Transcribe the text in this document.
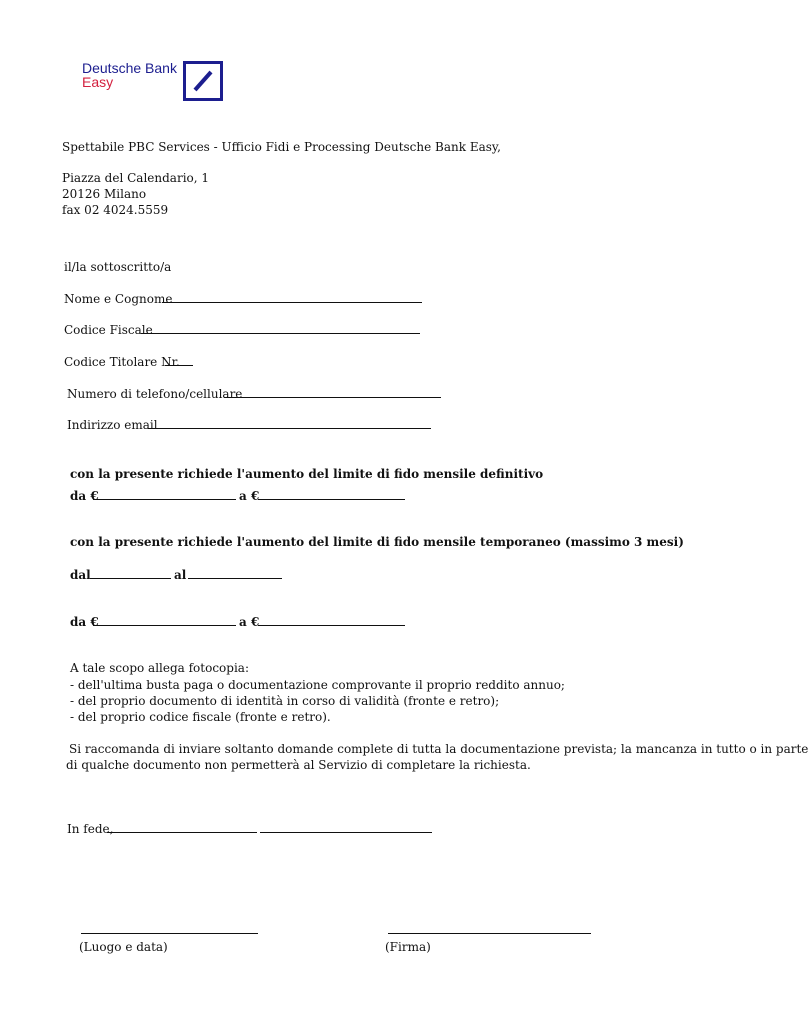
Deutsche Bank
Easy
Spettabile PBC Services - Ufficio Fidi e Processing Deutsche Bank Easy,
Piazza del Calendario, 1
20126 Milano
fax 02 4024.5559
il/la sottoscritto/a
Nome e Cognome
Codice Fiscale
Codice Titolare Nr.
Numero di telefono/cellulare
Indirizzo email
con la presente richiede l'aumento del limite di fido mensile definitivo
da €	a €
con la presente richiede l'aumento del limite di fido mensile temporaneo (massimo 3 mesi)
dal	al
da €	a €
A tale scopo allega fotocopia:
- dell'ultima busta paga o documentazione comprovante il proprio reddito annuo;
- del proprio documento di identità in corso di validità (fronte e retro);
- del proprio codice fiscale (fronte e retro).
Si raccomanda di inviare soltanto domande complete di tutta la documentazione prevista; la mancanza in tutto o in parte
di qualche documento non permetterà al Servizio di completare la richiesta.
In fede,
(Luogo e data)	(Firma)
